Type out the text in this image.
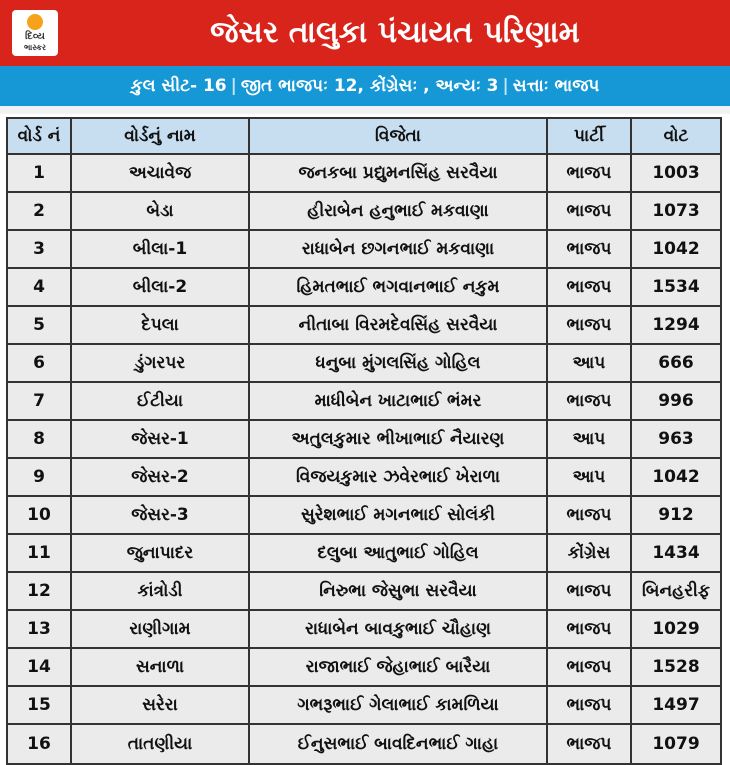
દિવ્ય
ભાસ્કર	જેસર તાલુકા પંચાયત પરિણામ
કુલ સીટ- 16 | જીત ભાજપઃ 12, કોંગ્રેસઃ , અન્યઃ 3 | સત્તાઃ ભાજપ
વોર્ડ નં	વોર્ડનું નામ	વિજેતા	પાર્ટી	વોટ
1	અચાવેજ	જનકબા પ્રદ્યુમનસિંહ સરવૈયા	ભાજપ	1003
2	બેડા	હીરાબેન હનુભાઈ મકવાણા	ભાજપ	1073
3	બીલા-1	રાધાબેન છગનભાઈ મકવાણા	ભાજપ	1042
4	બીલા-2	હિમતભાઈ ભગવાનભાઈ નકુમ	ભાજપ	1534
5	દેપલા	નીતાબા વિરમદેવસિંહ સરવૈયા	ભાજપ	1294
6	ડુંગરપર	ધનુબા મુંગલસિંહ ગોહિલ	આપ	666
7	ઈટીયા	માધીબેન ખાટાભાઈ ભંમર	ભાજપ	996
8	જેસર-1	અતુલકુમાર ભીખાભાઈ નૈયારણ	આપ	963
9	જેસર-2	વિજયકુમાર ઝવેરભાઈ ખેરાળા	આપ	1042
10	જેસર-3	સુરેશભાઈ મગનભાઈ સોલંકી	ભાજપ	912
11	જુનાપાદર	દલુબા આતુભાઈ ગોહિલ	કોંગ્રેસ	1434
12	કાંત્રોડી	નિરુભા જેસુભા સરવૈયા	ભાજપ	બિનહરીફ
13	રાણીગામ	રાધાબેન બાવકુભાઈ ચૌહાણ	ભાજપ	1029
14	સનાળા	રાજાભાઈ જેહાભાઈ બારૈયા	ભાજપ	1528
15	સરેરા	ગભરૂભાઈ ગેલાભાઈ કામળિયા	ભાજપ	1497
16	તાતણીયા	ઈનુસભાઈ બાવદિનભાઈ ગાહા	ભાજપ	1079
